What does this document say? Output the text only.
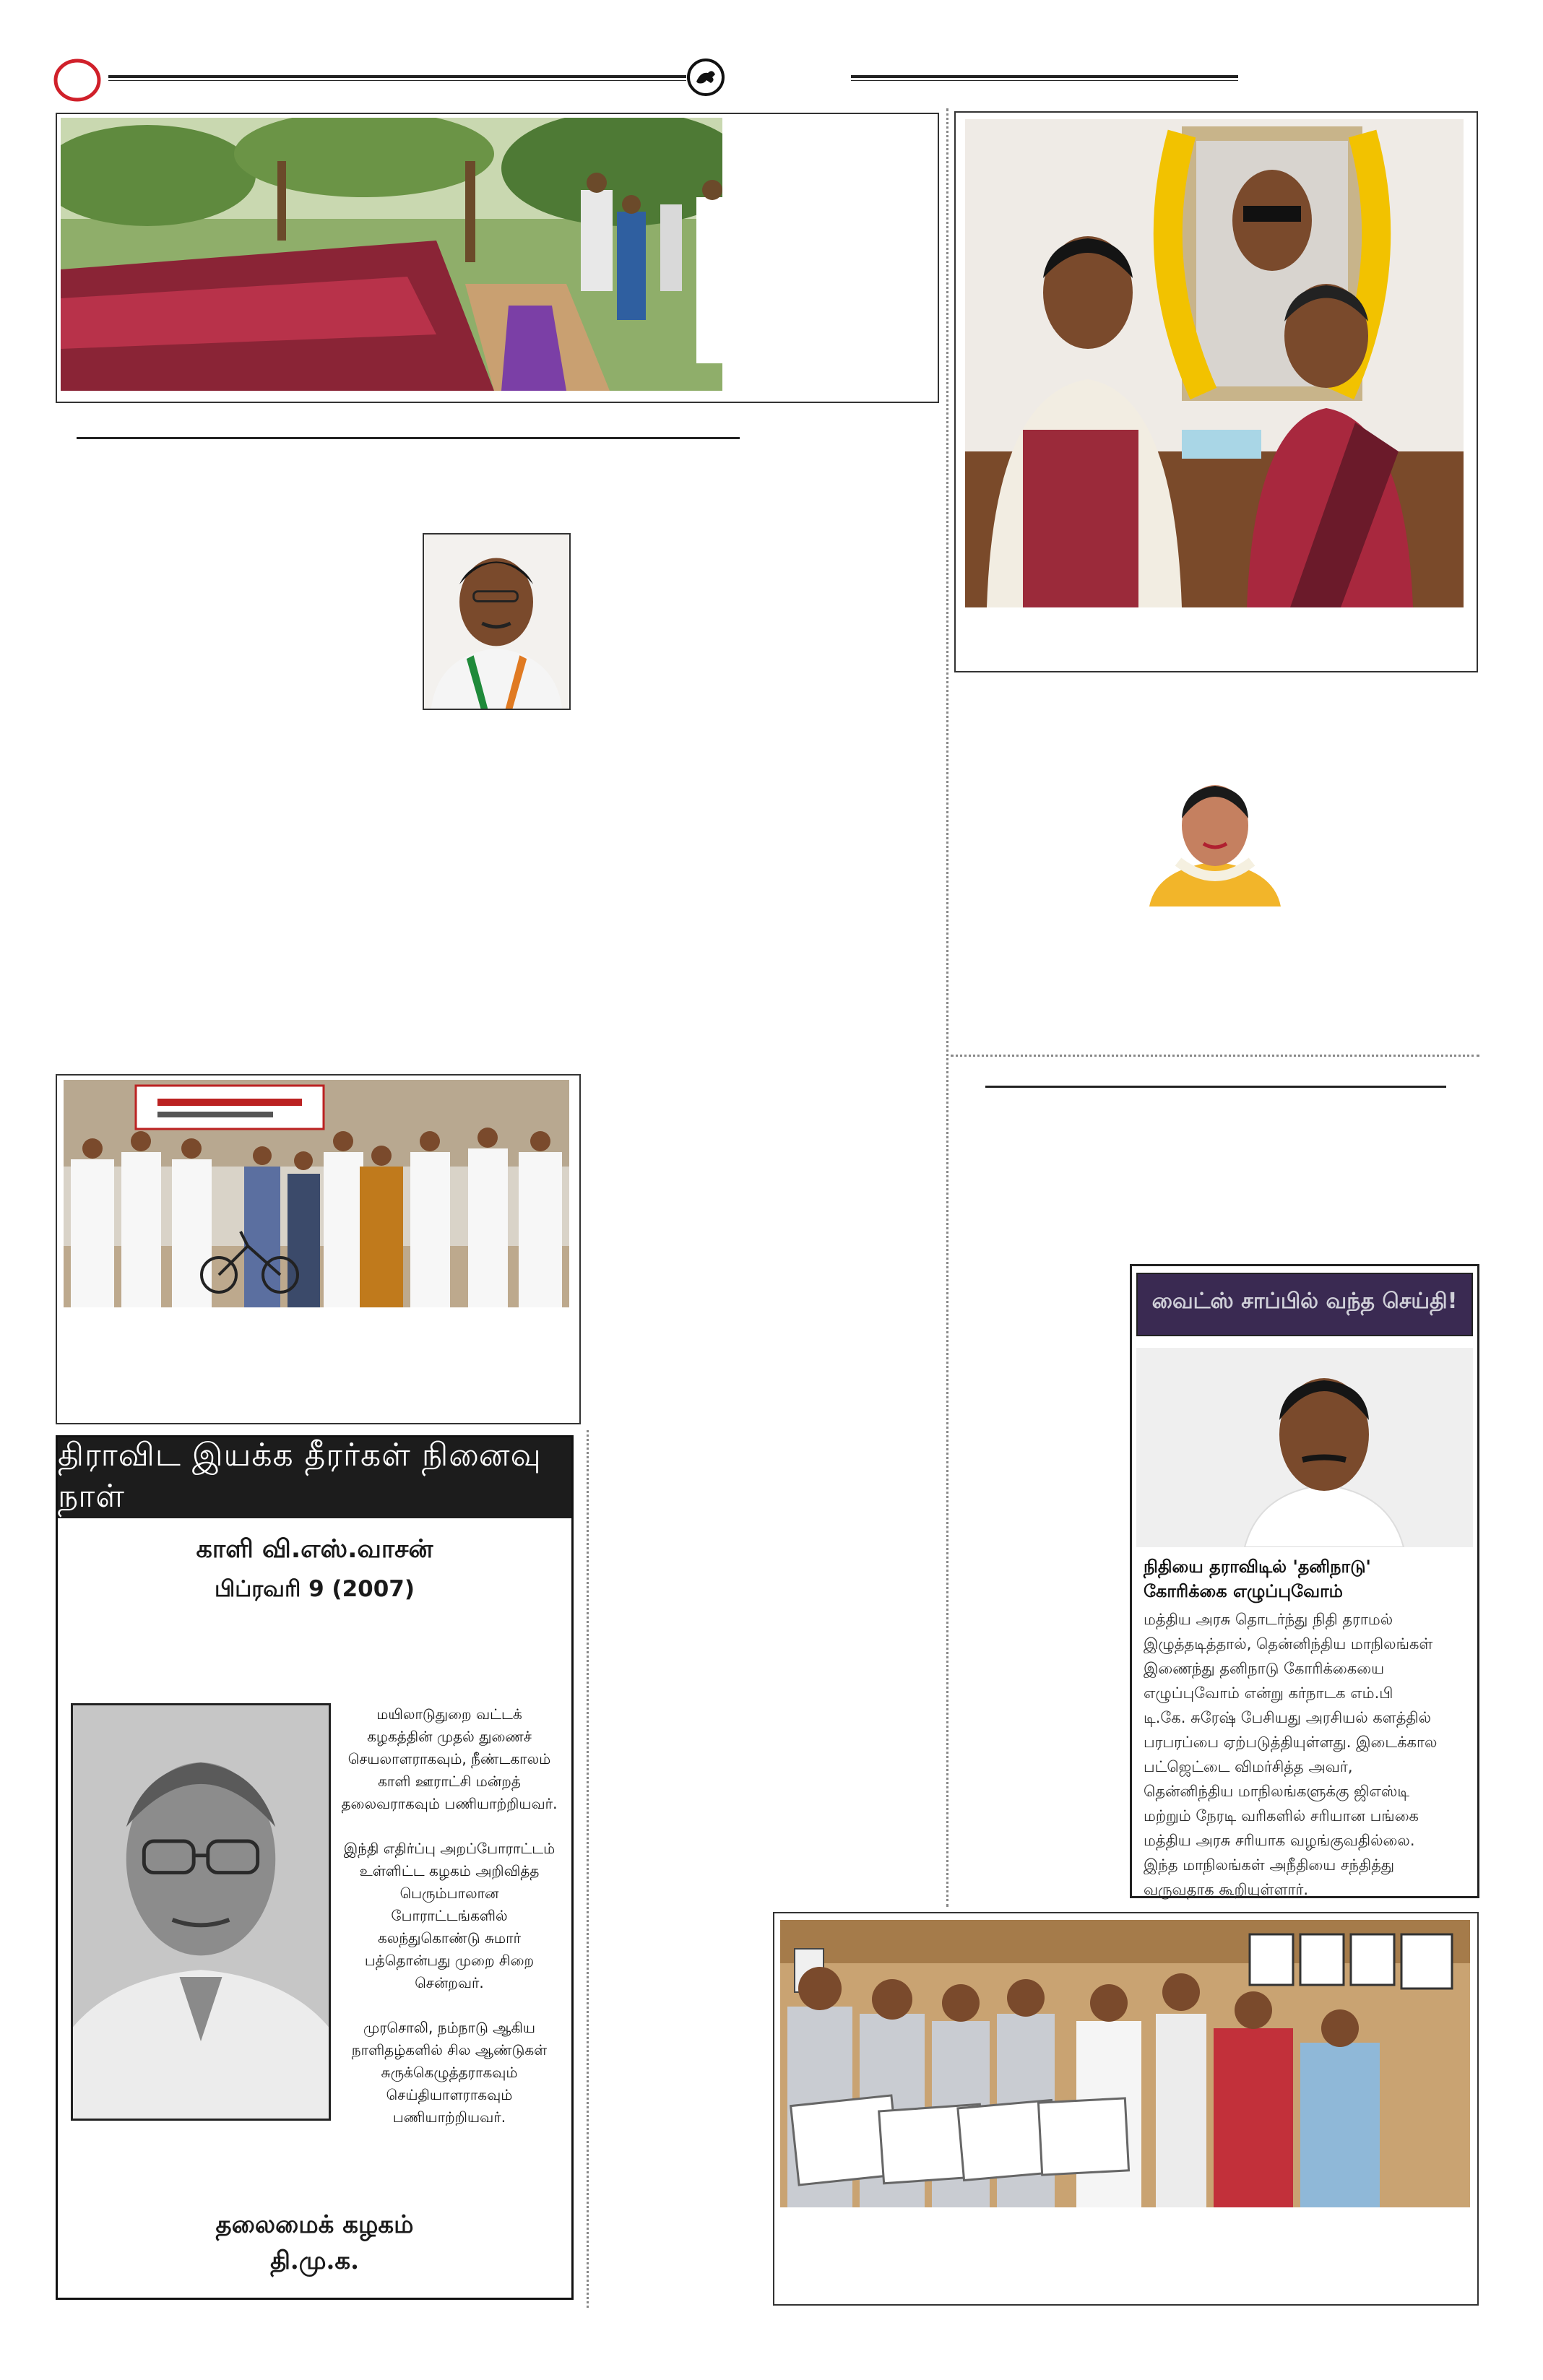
திராவிட இயக்க தீரர்கள் நினைவு நாள்
காளி வி.எஸ்.வாசன்
பிப்ரவரி 9 (2007)
மயிலாடுதுறை வட்டக்
கழகத்தின் முதல் துணைச்
செயலாளராகவும், நீண்டகாலம்
காளி ஊராட்சி மன்றத்
தலைவராகவும் பணியாற்றியவர்.
இந்தி எதிர்ப்பு அறப்போராட்டம்
உள்ளிட்ட கழகம் அறிவித்த
பெரும்பாலான
போராட்டங்களில்
கலந்துகொண்டு சுமார்
பத்தொன்பது முறை சிறை
சென்றவர்.
முரசொலி, நம்நாடு ஆகிய
நாளிதழ்களில் சில ஆண்டுகள்
சுருக்கெழுத்தராகவும்
செய்தியாளராகவும்
பணியாற்றியவர்.
தலைமைக் கழகம்
தி.மு.க.
வைட்ஸ் சாப்பில் வந்த செய்தி!
நிதியை தராவிடில் 'தனிநாடு'
கோரிக்கை எழுப்புவோம்
மத்திய அரசு தொடர்ந்து நிதி தராமல்
இழுத்தடித்தால், தென்னிந்திய மாநிலங்கள்
இணைந்து தனிநாடு கோரிக்கையை
எழுப்புவோம் என்று கர்நாடக எம்.பி
டி.கே. சுரேஷ் பேசியது அரசியல் களத்தில்
பரபரப்பை ஏற்படுத்தியுள்ளது. இடைக்கால
பட்ஜெட்டை விமர்சித்த அவர்,
தென்னிந்திய மாநிலங்களுக்கு ஜிஎஸ்டி
மற்றும் நேரடி வரிகளில் சரியான பங்கை
மத்திய அரசு சரியாக வழங்குவதில்லை.
இந்த மாநிலங்கள் அநீதியை சந்தித்து
வருவதாக கூறியுள்ளார்.
